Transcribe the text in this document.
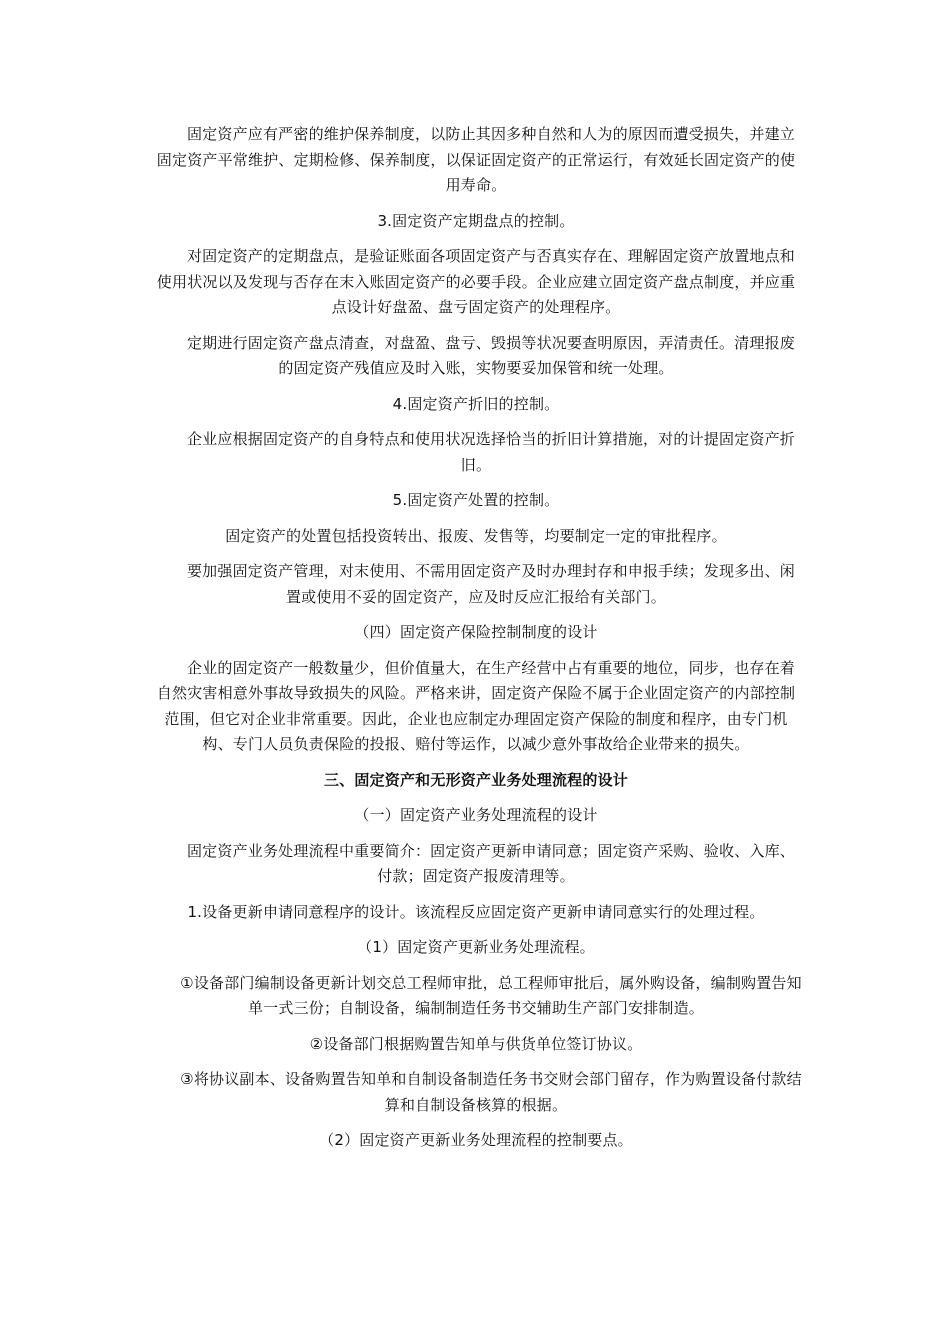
固定资产应有严密的维护保养制度，以防止其因多种自然和人为的原因而遭受损失，并建立固定资产平常维护、定期检修、保养制度，以保证固定资产的正常运行，有效延长固定资产的使用寿命。

3.固定资产定期盘点的控制。

对固定资产的定期盘点，是验证账面各项固定资产与否真实存在、理解固定资产放置地点和使用状况以及发现与否存在末入账固定资产的必要手段。企业应建立固定资产盘点制度，并应重点设计好盘盈、盘亏固定资产的处理程序。

定期进行固定资产盘点清查，对盘盈、盘亏、毁损等状况要查明原因，弄清责任。清理报废的固定资产残值应及时入账，实物要妥加保管和统一处理。

4.固定资产折旧的控制。

企业应根据固定资产的自身特点和使用状况选择恰当的折旧计算措施，对的计提固定资产折旧。

5.固定资产处置的控制。

固定资产的处置包括投资转出、报废、发售等，均要制定一定的审批程序。

要加强固定资产管理，对末使用、不需用固定资产及时办理封存和申报手续；发现多出、闲置或使用不妥的固定资产，应及时反应汇报给有关部门。

（四）固定资产保险控制制度的设计

企业的固定资产一般数量少，但价值量大，在生产经营中占有重要的地位，同步，也存在着自然灾害相意外事故导致损失的风险。严格来讲，固定资产保险不属于企业固定资产的内部控制范围，但它对企业非常重要。因此，企业也应制定办理固定资产保险的制度和程序，由专门机构、专门人员负责保险的投报、赔付等运作，以减少意外事故给企业带来的损失。

三、固定资产和无形资产业务处理流程的设计

（一）固定资产业务处理流程的设计

固定资产业务处理流程中重要简介：固定资产更新申请同意；固定资产采购、验收、入库、付款；固定资产报废清理等。

1.设备更新申请同意程序的设计。该流程反应固定资产更新申请同意实行的处理过程。

（1）固定资产更新业务处理流程。

①设备部门编制设备更新计划交总工程师审批，总工程师审批后，属外购设备，编制购置告知单一式三份；自制设备，编制制造任务书交辅助生产部门安排制造。

②设备部门根据购置告知单与供货单位签订协议。

③将协议副本、设备购置告知单和自制设备制造任务书交财会部门留存，作为购置设备付款结算和自制设备核算的根据。

（2）固定资产更新业务处理流程的控制要点。
